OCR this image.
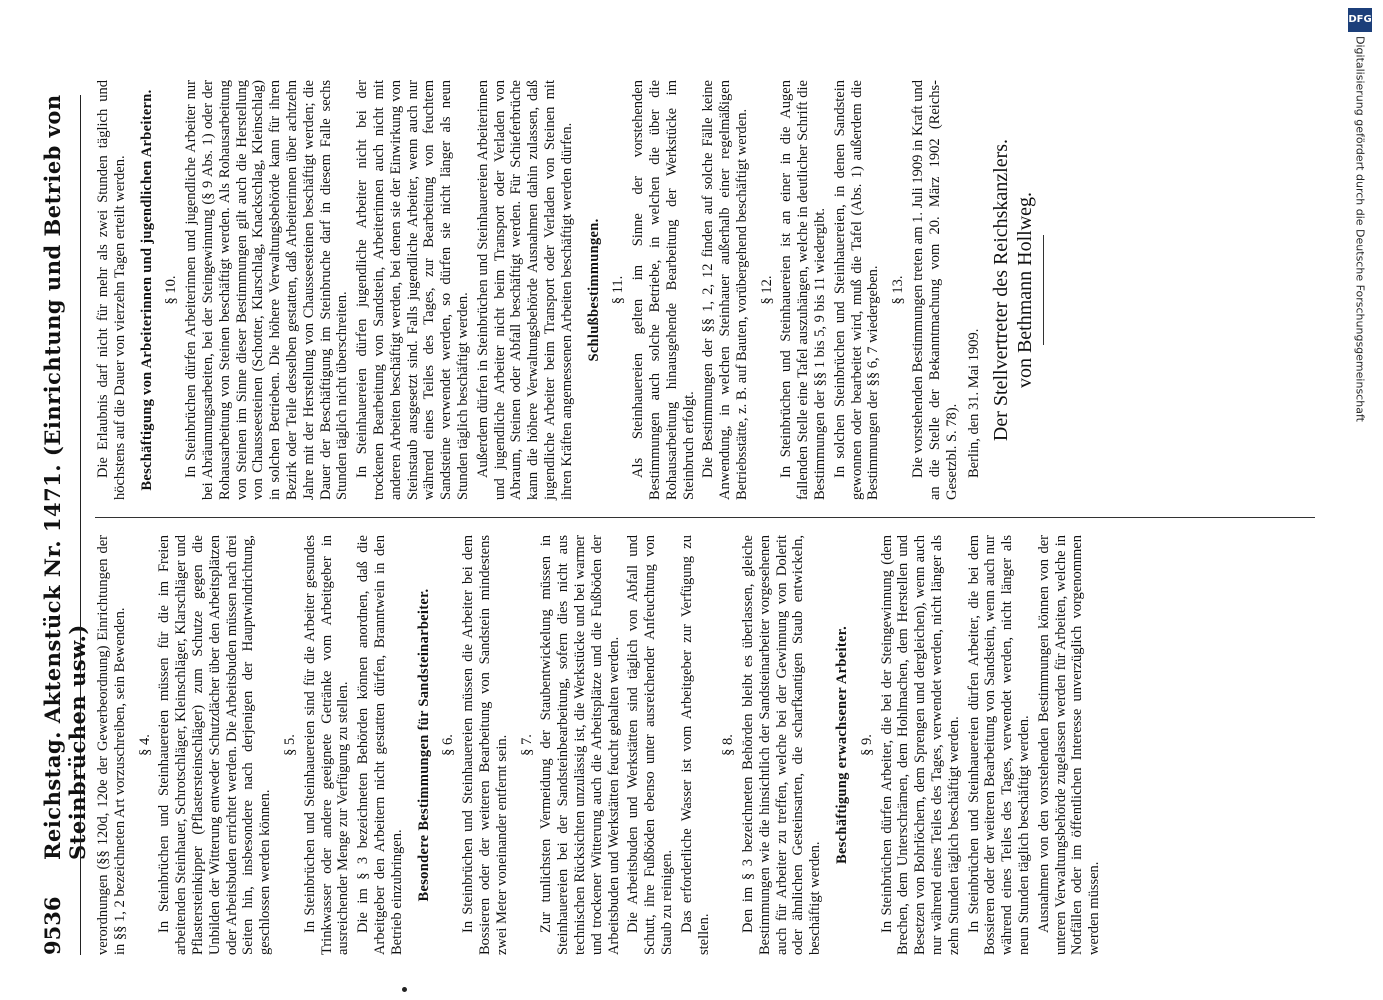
9536
Reichstag. Aktenstück Nr. 1471. (Einrichtung und Betrieb von Steinbrüchen usw.) verordnungen (§§ 120d, 120e der Gewerbeordnung) Einrichtungen der in §§ 1, 2 bezeichneten Art vorzuschreiben, sein Bewenden. § 4. In Steinbrüchen und Steinhauereien müssen für die im Freien arbeitenden Steinhauer, Schrotschläger, Kleinschläger, Klarschläger und Pflastersteinkipper (Pflastersteinschläger) zum Schutze gegen die Unbilden der Witterung entweder Schutzdächer über den Arbeitsplätzen oder Arbeitsbuden errichtet werden. Die Arbeitsbuden müssen nach drei Seiten hin, insbesondere nach derjenigen der Hauptwindrichtung, geschlossen werden können.

§ 5. In Steinbrüchen und Steinhauereien sind für die Arbeiter gesundes Trinkwasser oder andere geeignete Getränke vom Arbeitgeber in ausreichender Menge zur Verfügung zu stellen. Die im § 3 bezeichneten Behörden können anordnen, daß die Arbeitgeber den Arbeitern nicht gestatten dürfen, Branntwein in den Betrieb einzubringen. Besondere Bestimmungen für Sandsteinarbeiter. § 6. In Steinbrüchen und Steinhauereien müssen die Arbeiter bei dem Bossieren oder der weiteren Bearbeitung von Sandstein mindestens zwei Meter voneinander entfernt sein. § 7. Zur tunlichsten Vermeidung der Staubentwickelung müssen in Steinhauereien bei der Sandsteinbearbeitung, sofern dies nicht aus technischen Rücksichten unzulässig ist, die Werkstücke und bei warmer und trockener Witterung auch die Arbeitsplätze und die Fußböden der Arbeitsbuden und Werkstätten feucht gehalten werden. Die Arbeitsbuden und Werkstätten sind täglich von Abfall und Schutt, ihre Fußböden ebenso unter ausreichender Anfeuchtung von Staub zu reinigen. Das erforderliche Wasser ist vom Arbeitgeber zur Verfügung zu stellen.

§ 8. Den im § 3 bezeichneten Behörden bleibt es überlassen, gleiche Bestimmungen wie die hinsichtlich der Sandsteinarbeiter vorgesehenen auch für Arbeiter zu treffen, welche bei der Gewinnung von Dolerit oder ähnlichen Gesteinsarten, die scharfkantigen Staub entwickeln, beschäftigt werden.

Beschäftigung erwachsener Arbeiter. § 9. In Steinbrüchen dürfen Arbeiter, die bei der Steingewinnung (dem Brechen, dem Unterschrämen, dem Hohlmachen, dem Herstellen und Besetzen von Bohrlöchern, dem Sprengen und dergleichen), wenn auch nur während eines Teiles des Tages, verwendet werden, nicht länger als zehn Stunden täglich beschäftigt werden. In Steinbrüchen und Steinhauereien dürfen Arbeiter, die bei dem Bossieren oder der weiteren Bearbeitung von Sandstein, wenn auch nur während eines Teiles des Tages, verwendet werden, nicht länger als neun Stunden täglich beschäftigt werden. Ausnahmen von den vorstehenden Bestimmungen können von der unteren Verwaltungsbehörde zugelassen werden für Arbeiten, welche in Notfällen oder im öffentlichen Interesse unverzüglich vorgenommen werden müssen.

Die Erlaubnis darf nicht für mehr als zwei Stunden täglich und höchstens auf die Dauer von vierzehn Tagen erteilt werden. Beschäftigung von Arbeiterinnen und jugendlichen Arbeitern. § 10. In Steinbrüchen dürfen Arbeiterinnen und jugendliche Arbeiter nur bei Abräumungsarbeiten, bei der Steingewinnung (§ 9 Abs. 1) oder der Rohausarbeitung von Steinen beschäftigt werden. Als Rohausarbeitung von Steinen im Sinne dieser Bestimmungen gilt auch die Herstellung von Chausseesteinen (Schotter, Klarschlag, Knackschlag, Kleinschlag) in solchen Betrieben. Die höhere Verwaltungsbehörde kann für ihren Bezirk oder Teile desselben gestatten, daß Arbeiterinnen über achtzehn Jahre mit der Herstellung von Chausseesteinen beschäftigt werden; die Dauer der Beschäftigung im Steinbruche darf in diesem Falle sechs Stunden täglich nicht überschreiten. In Steinhauereien dürfen jugendliche Arbeiter nicht bei der trockenen Bearbeitung von Sandstein, Arbeiterinnen auch nicht mit anderen Arbeiten beschäftigt werden, bei denen sie der Einwirkung von Steinstaub ausgesetzt sind. Falls jugendliche Arbeiter, wenn auch nur während eines Teiles des Tages, zur Bearbeitung von feuchtem Sandsteine verwendet werden, so dürfen sie nicht länger als neun Stunden täglich beschäftigt werden. Außerdem dürfen in Steinbrüchen und Steinhauereien Arbeiterinnen und jugendliche Arbeiter nicht beim Transport oder Verladen von Abraum, Steinen oder Abfall beschäftigt werden. Für Schieferbrüche kann die höhere Verwaltungsbehörde Ausnahmen dahin zulassen, daß jugendliche Arbeiter beim Transport oder Verladen von Steinen mit ihren Kräften angemessenen Arbeiten beschäftigt werden dürfen. Schlußbestimmungen. § 11. Als Steinhauereien gelten im Sinne der vorstehenden Bestimmungen auch solche Betriebe, in welchen die über die Rohausarbeitung hinausgehende Bearbeitung der Werkstücke im Steinbruch erfolgt. Die Bestimmungen der §§ 1, 2, 12 finden auf solche Fälle keine Anwendung, in welchen Steinhauer außerhalb einer regelmäßigen Betriebsstätte, z. B. auf Bauten, vorübergehend beschäftigt werden. § 12. In Steinbrüchen und Steinhauereien ist an einer in die Augen fallenden Stelle eine Tafel auszuhängen, welche in deutlicher Schrift die Bestimmungen der §§ 1 bis 5, 9 bis 11 wiedergibt. In solchen Steinbrüchen und Steinhauereien, in denen Sandstein gewonnen oder bearbeitet wird, muß die Tafel (Abs. 1) außerdem die Bestimmungen der §§ 6, 7 wiedergeben. § 13. Die vorstehenden Bestimmungen treten am 1. Juli 1909 in Kraft und an die Stelle der Bekanntmachung vom 20. März 1902 (Reichs-Gesetzbl. S. 78). Berlin, den 31. Mai 1909. Der Stellvertreter des Reichskanzlers. von Bethmann Hollweg.
DFG
Digitalisierung gefördert durch die Deutsche Forschungsgemeinschaft
